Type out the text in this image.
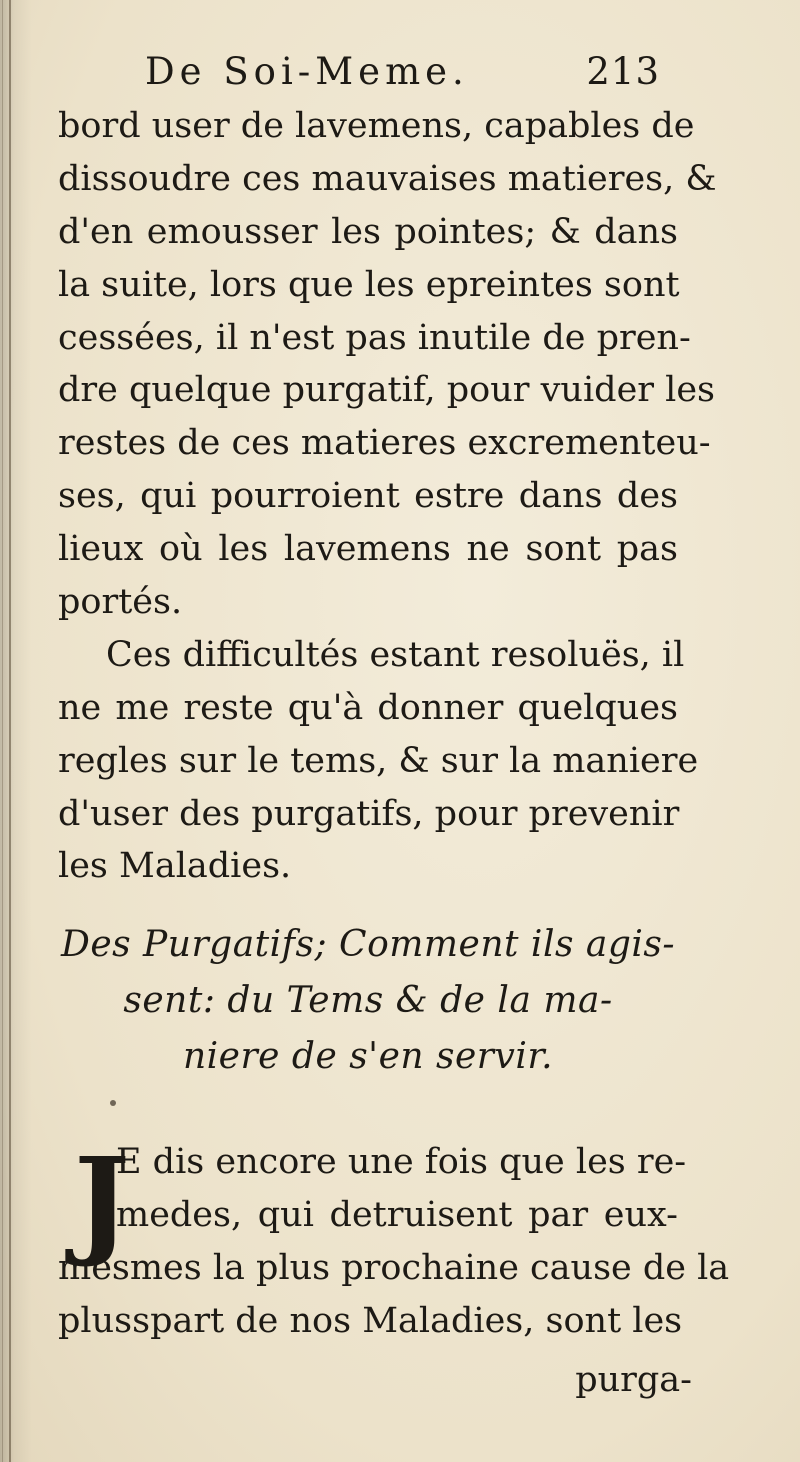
De Soi-Meme.	213
bord user de lavemens, capables de
dissoudre ces mauvaises matieres, &
d'en emousser les pointes; & dans
la suite, lors que les epreintes sont
cessées, il n'est pas inutile de pren-
dre quelque purgatif, pour vuider les
restes de ces matieres excrementeu-
ses, qui pourroient estre dans des
lieux où les lavemens ne sont pas
portés.
Ces difficultés estant resoluës, il
ne me reste qu'à donner quelques
regles sur le tems, & sur la maniere
d'user des purgatifs, pour prevenir
les Maladies.
Des Purgatifs; Comment ils agis-
sent: du Tems & de la ma-
niere de s'en servir.
J
E dis encore une fois que les re-
medes, qui detruisent par eux-
mesmes la plus prochaine cause de la
plusspart de nos Maladies, sont les
purga-
